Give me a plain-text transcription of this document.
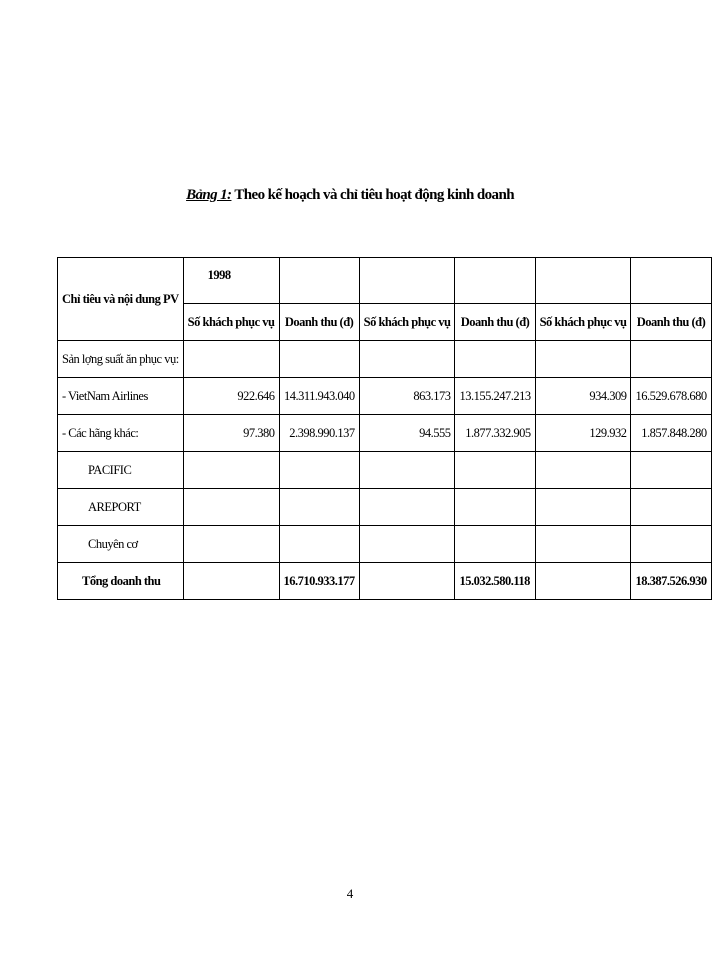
Bảng 1: Theo kế hoạch và chỉ tiêu hoạt động kinh doanh
Chỉ tiêu và nội dung PV	1998					
	Số khách phục vụ	Doanh thu (đ)	Số khách phục vụ	Doanh thu (đ)	Số khách phục vụ	Doanh thu (đ)
Sản lợng suất ăn phục vụ:						
- VietNam Airlines	922.646	14.311.943.040	863.173	13.155.247.213	934.309	16.529.678.680
- Các hãng khác:	97.380	2.398.990.137	94.555	1.877.332.905	129.932	1.857.848.280
PACIFIC						
AREPORT						
Chuyên cơ						
Tổng doanh thu		16.710.933.177		15.032.580.118		18.387.526.930
4
